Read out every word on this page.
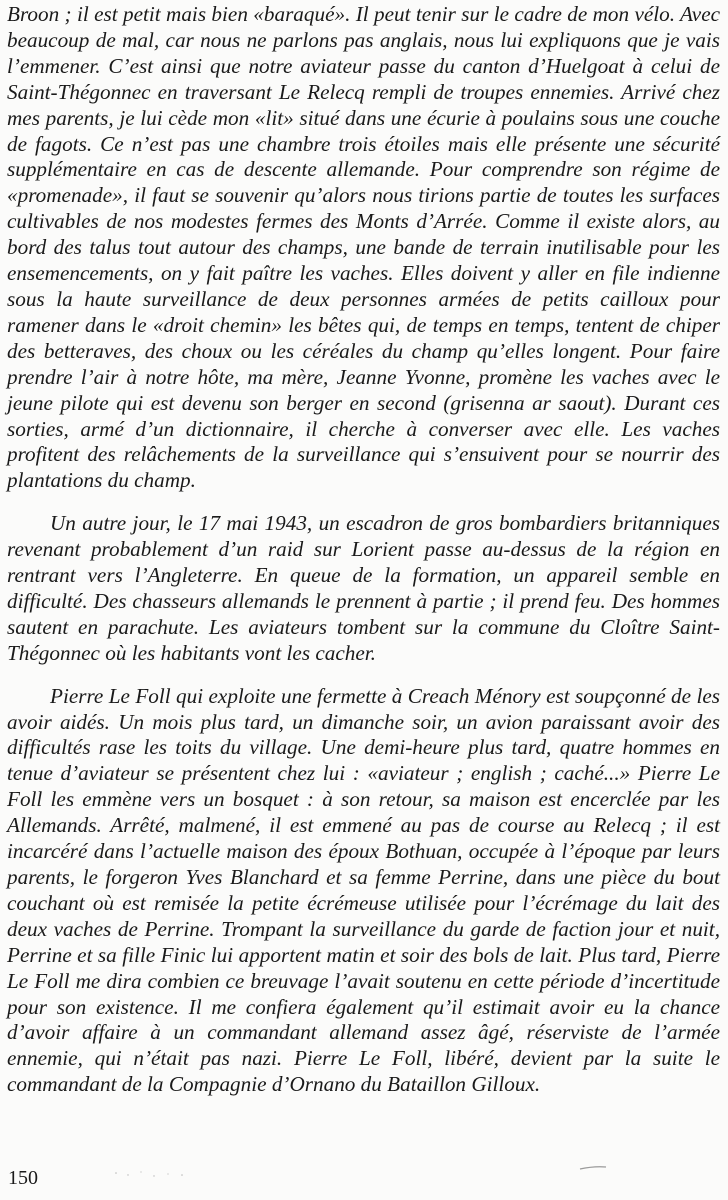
Broon ; il est petit mais bien «baraqué». Il peut tenir sur le cadre de mon vélo. Avec beaucoup de mal, car nous ne parlons pas anglais, nous lui expliquons que je vais l’emmener. C’est ainsi que notre aviateur passe du canton d’Huelgoat à celui de Saint-Thégonnec en traversant Le Relecq rempli de troupes ennemies. Arrivé chez mes parents, je lui cède mon «lit» situé dans une écurie à poulains sous une couche de fagots. Ce n’est pas une chambre trois étoiles mais elle présente une sécurité supplémentaire en cas de descente allemande. Pour comprendre son régime de «promenade», il faut se souvenir qu’alors nous tirions partie de toutes les surfaces cultivables de nos modestes fermes des Monts d’Arrée. Comme il existe alors, au bord des talus tout autour des champs, une bande de terrain inutilisable pour les ensemencements, on y fait paître les vaches. Elles doivent y aller en file indienne sous la haute surveillance de deux personnes armées de petits cailloux pour ramener dans le «droit chemin» les bêtes qui, de temps en temps, tentent de chiper des betteraves, des choux ou les céréales du champ qu’elles longent. Pour faire prendre l’air à notre hôte, ma mère, Jeanne Yvonne, promène les vaches avec le jeune pilote qui est devenu son berger en second (grisenna ar saout). Durant ces sorties, armé d’un dictionnaire, il cherche à converser avec elle. Les vaches profitent des relâchements de la surveillance qui s’ensuivent pour se nourrir des plantations du champ.

Un autre jour, le 17 mai 1943, un escadron de gros bombardiers britanniques revenant probablement d’un raid sur Lorient passe au-dessus de la région en rentrant vers l’Angleterre. En queue de la formation, un appareil semble en difficulté. Des chasseurs allemands le prennent à partie ; il prend feu. Des hommes sautent en parachute. Les aviateurs tombent sur la commune du Cloître Saint-Thégonnec où les habitants vont les cacher.

Pierre Le Foll qui exploite une fermette à Creach Ménory est soupçonné de les avoir aidés. Un mois plus tard, un dimanche soir, un avion paraissant avoir des difficultés rase les toits du village. Une demi-heure plus tard, quatre hommes en tenue d’aviateur se présentent chez lui : «aviateur ; english ; caché...» Pierre Le Foll les emmène vers un bosquet : à son retour, sa maison est encerclée par les Allemands. Arrêté, malmené, il est emmené au pas de course au Relecq ; il est incarcéré dans l’actuelle maison des époux Bothuan, occupée à l’époque par leurs parents, le forgeron Yves Blanchard et sa femme Perrine, dans une pièce du bout couchant où est remisée la petite écrémeuse utilisée pour l’écrémage du lait des deux vaches de Perrine. Trompant la surveillance du garde de faction jour et nuit, Perrine et sa fille Finic lui apportent matin et soir des bols de lait. Plus tard, Pierre Le Foll me dira combien ce breuvage l’avait soutenu en cette période d’incertitude pour son existence. Il me confiera également qu’il estimait avoir eu la chance d’avoir affaire à un commandant allemand assez âgé, réserviste de l’armée ennemie, qui n’était pas nazi. Pierre Le Foll, libéré, devient par la suite le commandant de la Compagnie d’Ornano du Bataillon Gilloux.

150
